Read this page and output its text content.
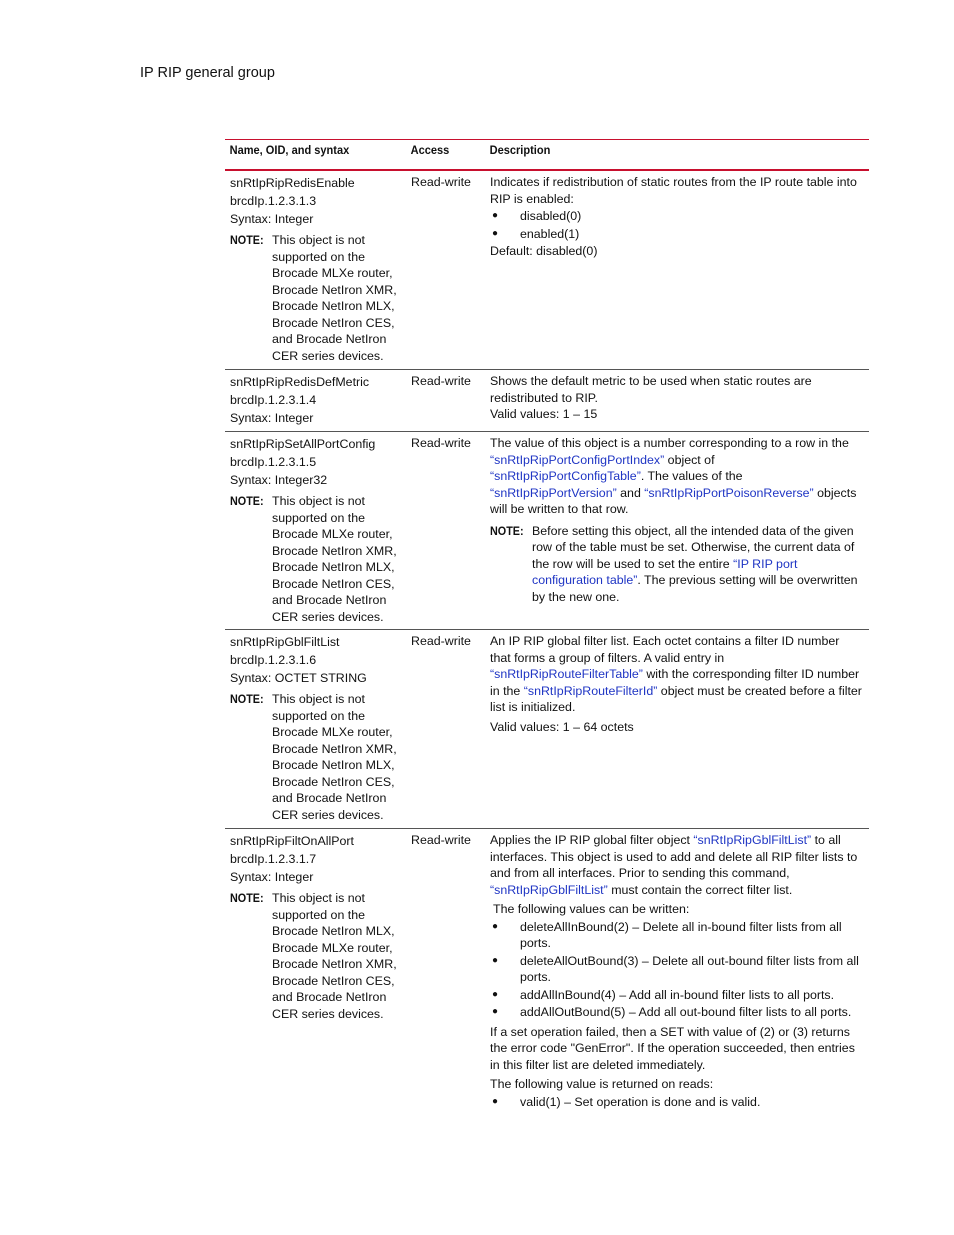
IP RIP general group
Name, OID, and syntax	Access	Description
snRtIpRipRedisEnable
brcdIp.1.2.3.1.3
Syntax: Integer
NOTE: This object is not supported on the Brocade MLXe router, Brocade NetIron XMR, Brocade NetIron MLX, Brocade NetIron CES, and Brocade NetIron CER series devices.
Read-write	Indicates if redistribution of static routes from the IP route table into RIP is enabled:
●	disabled(0)
●	enabled(1)
Default: disabled(0)
snRtIpRipRedisDefMetric
brcdIp.1.2.3.1.4
Syntax: Integer
Read-write	Shows the default metric to be used when static routes are redistributed to RIP.
Valid values: 1 – 15
snRtIpRipSetAllPortConfig
brcdIp.1.2.3.1.5
Syntax: Integer32
NOTE: This object is not supported on the Brocade MLXe router, Brocade NetIron XMR, Brocade NetIron MLX, Brocade NetIron CES, and Brocade NetIron CER series devices.
Read-write	The value of this object is a number corresponding to a row in the “snRtIpRipPortConfigPortIndex” object of “snRtIpRipPortConfigTable”. The values of the “snRtIpRipPortVersion” and “snRtIpRipPortPoisonReverse” objects will be written to that row.
NOTE: Before setting this object, all the intended data of the given row of the table must be set. Otherwise, the current data of the row will be used to set the entire “IP RIP port configuration table”. The previous setting will be overwritten by the new one.
snRtIpRipGblFiltList
brcdIp.1.2.3.1.6
Syntax: OCTET STRING
NOTE: This object is not supported on the Brocade MLXe router, Brocade NetIron XMR, Brocade NetIron MLX, Brocade NetIron CES, and Brocade NetIron CER series devices.
Read-write	An IP RIP global filter list. Each octet contains a filter ID number that forms a group of filters. A valid entry in “snRtIpRipRouteFilterTable” with the corresponding filter ID number in the “snRtIpRipRouteFilterId” object must be created before a filter list is initialized.
Valid values: 1 – 64 octets
snRtIpRipFiltOnAllPort
brcdIp.1.2.3.1.7
Syntax: Integer
NOTE: This object is not supported on the Brocade NetIron MLX, Brocade MLXe router, Brocade NetIron XMR, Brocade NetIron CES, and Brocade NetIron CER series devices.
Read-write	Applies the IP RIP global filter object “snRtIpRipGblFiltList” to all interfaces. This object is used to add and delete all RIP filter lists to and from all interfaces. Prior to sending this command, “snRtIpRipGblFiltList” must contain the correct filter list.
The following values can be written:
●	deleteAllInBound(2) – Delete all in-bound filter lists from all ports.
●	deleteAllOutBound(3) – Delete all out-bound filter lists from all ports.
●	addAllInBound(4) – Add all in-bound filter lists to all ports.
●	addAllOutBound(5) – Add all out-bound filter lists to all ports.
If a set operation failed, then a SET with value of (2) or (3) returns the error code "GenError". If the operation succeeded, then entries in this filter list are deleted immediately.
The following value is returned on reads:
●	valid(1) – Set operation is done and is valid.
